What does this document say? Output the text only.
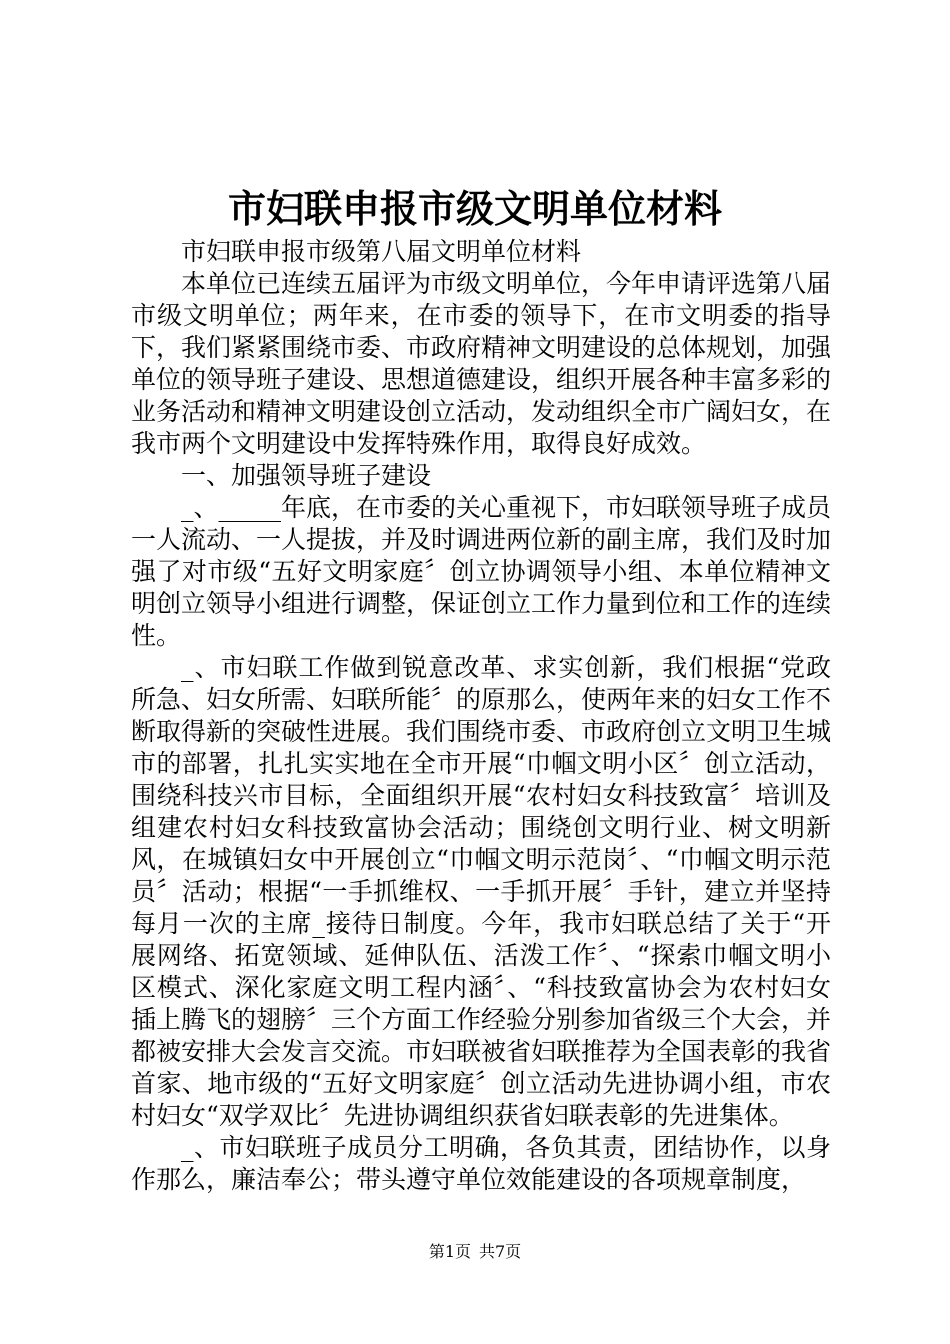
市妇联申报市级文明单位材料

市妇联申报市级第八届文明单位材料

本单位已连续五届评为市级文明单位，今年申请评选第八届市级文明单位；两年来，在市委的领导下，在市文明委的指导下，我们紧紧围绕市委、市政府精神文明建设的总体规划，加强单位的领导班子建设、思想道德建设，组织开展各种丰富多彩的业务活动和精神文明建设创立活动，发动组织全市广阔妇女，在我市两个文明建设中发挥特殊作用，取得良好成效。

一、加强领导班子建设

_、_____年底，在市委的关心重视下，市妇联领导班子成员一人流动、一人提拔，并及时调进两位新的副主席，我们及时加强了对市级“五好文明家庭〞创立协调领导小组、本单位精神文明创立领导小组进行调整，保证创立工作力量到位和工作的连续性。

_、市妇联工作做到锐意改革、求实创新，我们根据“党政所急、妇女所需、妇联所能〞的原那么，使两年来的妇女工作不断取得新的突破性进展。我们围绕市委、市政府创立文明卫生城市的部署，扎扎实实地在全市开展“巾帼文明小区〞创立活动，围绕科技兴市目标，全面组织开展“农村妇女科技致富〞培训及组建农村妇女科技致富协会活动；围绕创文明行业、树文明新风，在城镇妇女中开展创立“巾帼文明示范岗〞、“巾帼文明示范员〞活动；根据“一手抓维权、一手抓开展〞手针，建立并坚持每月一次的主席_接待日制度。今年，我市妇联总结了关于“开展网络、拓宽领域、延伸队伍、活泼工作〞、“探索巾帼文明小区模式、深化家庭文明工程内涵〞、“科技致富协会为农村妇女插上腾飞的翅膀〞三个方面工作经验分别参加省级三个大会，并都被安排大会发言交流。市妇联被省妇联推荐为全国表彰的我省首家、地市级的“五好文明家庭〞创立活动先进协调小组，市农村妇女“双学双比〞先进协调组织获省妇联表彰的先进集体。

_、市妇联班子成员分工明确，各负其责，团结协作，以身作那么，廉洁奉公；带头遵守单位效能建设的各项规章制度，

第1页 共7页
